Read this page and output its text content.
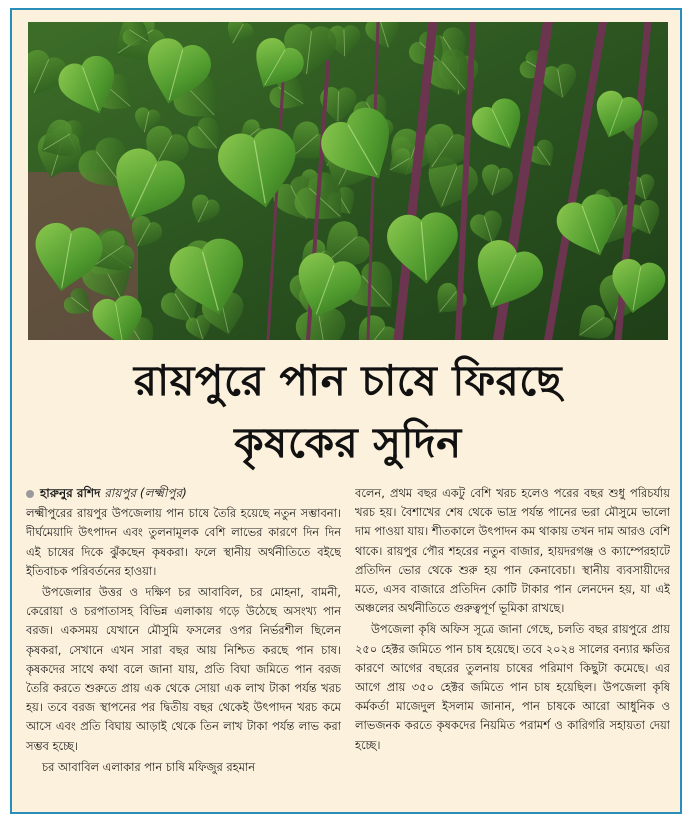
রায়পুরে পান চাষে ফিরছে
কৃষকের সুদিন
হারুনুর রশিদ রায়পুর (লক্ষ্মীপুর)

লক্ষ্মীপুরের রায়পুর উপজেলায় পান চাষে তৈরি হয়েছে নতুন সম্ভাবনা। দীর্ঘমেয়াদি উৎপাদন এবং তুলনামূলক বেশি লাভের কারণে দিন দিন এই চাষের দিকে ঝুঁকছেন কৃষকরা। ফলে স্থানীয় অর্থনীতিতে বইছে ইতিবাচক পরিবর্তনের হাওয়া।

উপজেলার উত্তর ও দক্ষিণ চর আবাবিল, চর মোহনা, বামনী, কেরোয়া ও চরপাতাসহ বিভিন্ন এলাকায় গড়ে উঠেছে অসংখ্য পান বরজ। একসময় যেখানে মৌসুমি ফসলের ওপর নির্ভরশীল ছিলেন কৃষকরা, সেখানে এখন সারা বছর আয় নিশ্চিত করছে পান চাষ। কৃষকদের সাথে কথা বলে জানা যায়, প্রতি বিঘা জমিতে পান বরজ তৈরি করতে শুরুতে প্রায় এক থেকে সোয়া এক লাখ টাকা পর্যন্ত খরচ হয়। তবে বরজ স্থাপনের পর দ্বিতীয় বছর থেকেই উৎপাদন খরচ কমে আসে এবং প্রতি বিঘায় আড়াই থেকে তিন লাখ টাকা পর্যন্ত লাভ করা সম্ভব হচ্ছে।

চর আবাবিল এলাকার পান চাষি মফিজুর রহমান

বলেন, প্রথম বছর একটু বেশি খরচ হলেও পরের বছর শুধু পরিচর্যায় খরচ হয়। বৈশাখের শেষ থেকে ভাদ্র পর্যন্ত পানের ভরা মৌসুমে ভালো দাম পাওয়া যায়। শীতকালে উৎপাদন কম থাকায় তখন দাম আরও বেশি থাকে। রায়পুর পৌর শহরের নতুন বাজার, হায়দরগঞ্জ ও ক্যাম্পেরহাটে প্রতিদিন ভোর থেকে শুরু হয় পান কেনাবেচা। স্থানীয় ব্যবসায়ীদের মতে, এসব বাজারে প্রতিদিন কোটি টাকার পান লেনদেন হয়, যা এই অঞ্চলের অর্থনীতিতে গুরুত্বপূর্ণ ভূমিকা রাখছে।

উপজেলা কৃষি অফিস সূত্রে জানা গেছে, চলতি বছর রায়পুরে প্রায় ২৫০ হেক্টর জমিতে পান চাষ হয়েছে। তবে ২০২৪ সালের বন্যার ক্ষতির কারণে আগের বছরের তুলনায় চাষের পরিমাণ কিছুটা কমেছে। এর আগে প্রায় ৩৫০ হেক্টর জমিতে পান চাষ হয়েছিল। উপজেলা কৃষি কর্মকর্তা মাজেদুল ইসলাম জানান, পান চাষকে আরো আধুনিক ও লাভজনক করতে কৃষকদের নিয়মিত পরামর্শ ও কারিগরি সহায়তা দেয়া হচ্ছে।
